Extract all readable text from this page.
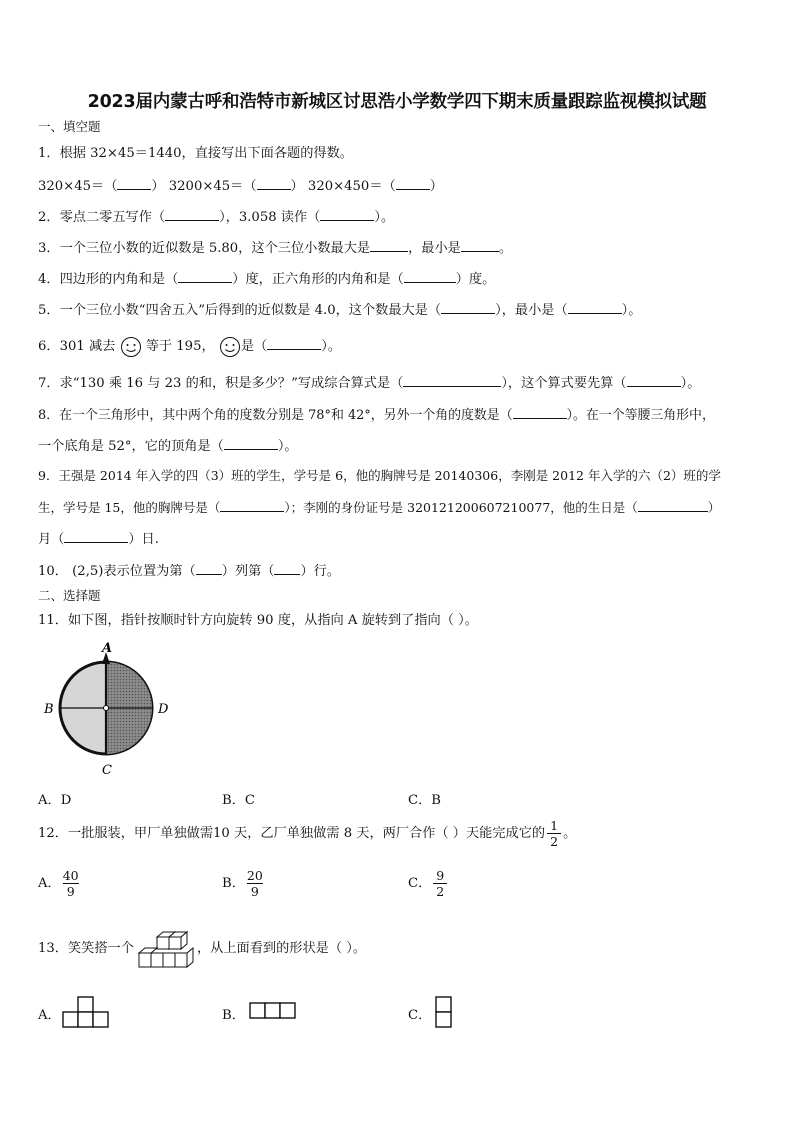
2023届内蒙古呼和浩特市新城区讨思浩小学数学四下期末质量跟踪监视模拟试题
一、填空题
1．根据 32×45＝1440，直接写出下面各题的得数。
320×45＝（	） 3200×45＝（	） 320×450＝（	）
2．零点二零五写作（	），3.058 读作（	）。
3．一个三位小数的近似数是 5.80，这个三位小数最大是	，最小是	。
4．四边形的内角和是（	）度，正六角形的内角和是（	）度。
5．一个三位小数“四舍五入”后得到的近似数是 4.0，这个数最大是（	），最小是（	）。
6．301 减去  等于 195， 是（	）。
7．求“130 乘 16 与 23 的和，积是多少？”写成综合算式是（	），这个算式要先算（	）。
8．在一个三角形中，其中两个角的度数分别是 78°和 42°，另外一个角的度数是（	）。在一个等腰三角形中，
一个底角是 52°，它的顶角是（	）。
9．王强是 2014 年入学的四（3）班的学生，学号是 6，他的胸牌号是 20140306，李刚是 2012 年入学的六（2）班的学
生，学号是 15，他的胸牌号是（	）；李刚的身份证号是 320121200607210077，他的生日是（	）
月（	）日.
10． (2,5)表示位置为第（ ）列第（ ）行。
二、选择题
11．如下图，指针按顺时针方向旋转 90 度，从指向 A 旋转到了指向（ ）。
A
B
C
D
A．D	B．C	C．B
12．一批服装，甲厂单独做需10 天，乙厂单独做需 8 天，两厂合作（ ）天能完成它的 $\frac{1}{2}$ 。
A． $\frac{40}{9}$	B． $\frac{20}{9}$	C． $\frac{9}{2}$
13．笑笑搭一个	，从上面看到的形状是（ ）。
A．	B．	C．
